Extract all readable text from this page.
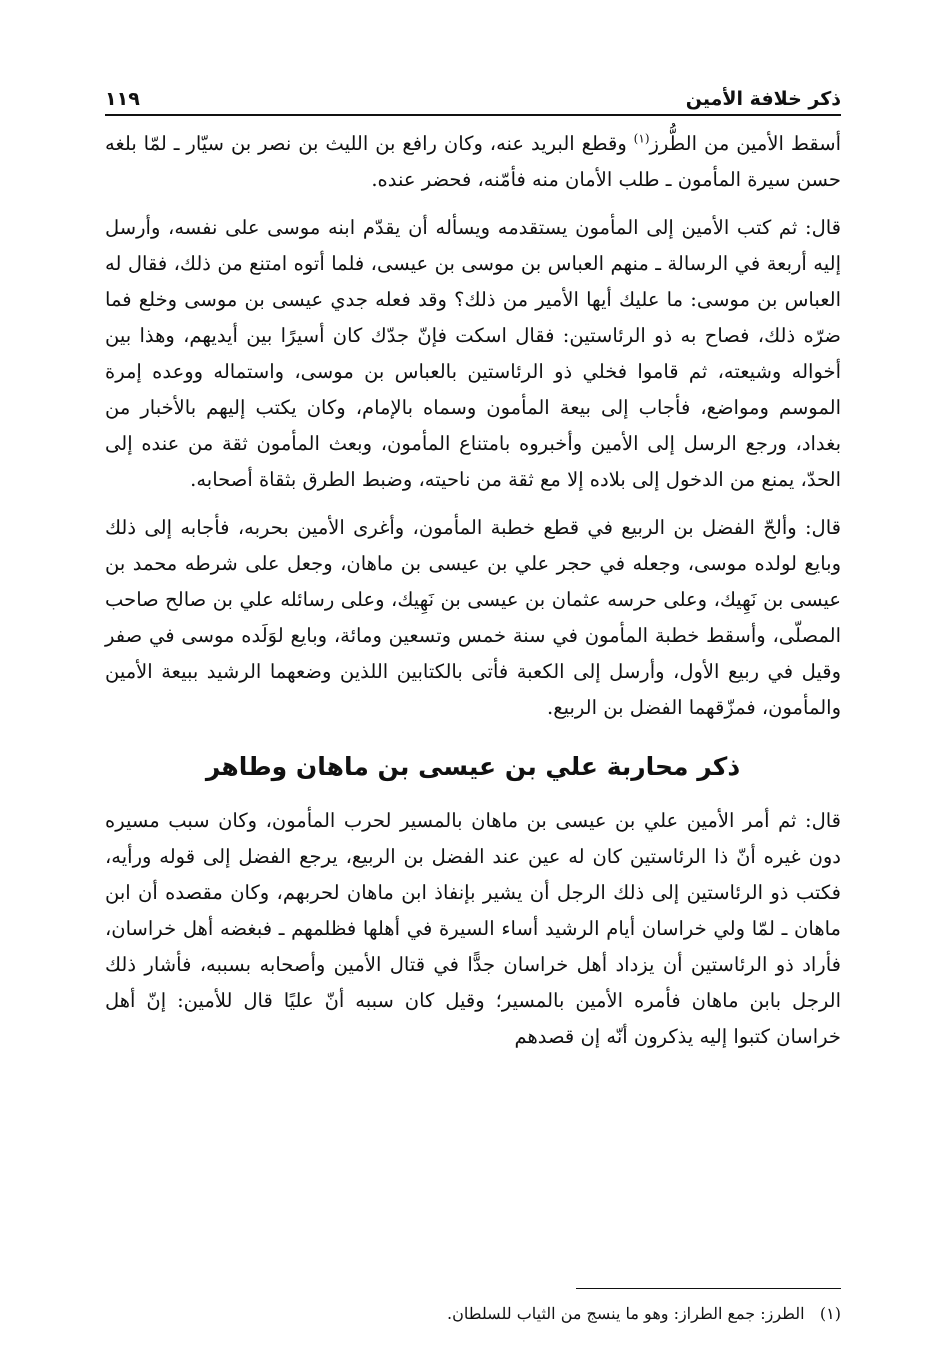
ذكر خلافة الأمين
١١٩

أسقط الأمين من الطُّرز$^{(١)}$ وقطع البريد عنه، وكان رافع بن الليث بن نصر بن سيّار ـ لمّا بلغه حسن سيرة المأمون ـ طلب الأمان منه فأمّنه، فحضر عنده.

قال: ثم كتب الأمين إلى المأمون يستقدمه ويسأله أن يقدّم ابنه موسى على نفسه، وأرسل إليه أربعة في الرسالة ـ منهم العباس بن موسى بن عيسى، فلما أتوه امتنع من ذلك، فقال له العباس بن موسى: ما عليك أيها الأمير من ذلك؟ وقد فعله جدي عيسى بن موسى وخلع فما ضرّه ذلك، فصاح به ذو الرئاستين: فقال اسكت فإنّ جدّك كان أسيرًا بين أيديهم، وهذا بين أخواله وشيعته، ثم قاموا فخلي ذو الرئاستين بالعباس بن موسى، واستماله ووعده إمرة الموسم ومواضع، فأجاب إلى بيعة المأمون وسماه بالإمام، وكان يكتب إليهم بالأخبار من بغداد، ورجع الرسل إلى الأمين وأخبروه بامتناع المأمون، وبعث المأمون ثقة من عنده إلى الحدّ، يمنع من الدخول إلى بلاده إلا مع ثقة من ناحيته، وضبط الطرق بثقاة أصحابه.

قال: وألحّ الفضل بن الربيع في قطع خطبة المأمون، وأغرى الأمين بحربه، فأجابه إلى ذلك وبايع لولده موسى، وجعله في حجر علي بن عيسى بن ماهان، وجعل على شرطه محمد بن عيسى بن نَهِيك، وعلى حرسه عثمان بن عيسى بن نَهِيك، وعلى رسائله علي بن صالح صاحب المصلّى، وأسقط خطبة المأمون في سنة خمس وتسعين ومائة، وبايع لوَلَده موسى في صفر وقيل في ربيع الأول، وأرسل إلى الكعبة فأتى بالكتابين اللذين وضعهما الرشيد ببيعة الأمين والمأمون، فمزّقهما الفضل بن الربيع.

ذكر محاربة علي بن عيسى بن ماهان وطاهر

قال: ثم أمر الأمين علي بن عيسى بن ماهان بالمسير لحرب المأمون، وكان سبب مسيره دون غيره أنّ ذا الرئاستين كان له عين عند الفضل بن الربيع، يرجع الفضل إلى قوله ورأيه، فكتب ذو الرئاستين إلى ذلك الرجل أن يشير بإنفاذ ابن ماهان لحربهم، وكان مقصده أن ابن ماهان ـ لمّا ولي خراسان أيام الرشيد أساء السيرة في أهلها فظلمهم ـ فبغضه أهل خراسان، فأراد ذو الرئاستين أن يزداد أهل خراسان جدًّا في قتال الأمين وأصحابه بسببه، فأشار ذلك الرجل بابن ماهان فأمره الأمين بالمسير؛ وقيل كان سببه أنّ عليًا قال للأمين: إنّ أهل خراسان كتبوا إليه يذكرون أنّه إن قصدهم

(١)   الطرز: جمع الطراز: وهو ما ينسج من الثياب للسلطان.
